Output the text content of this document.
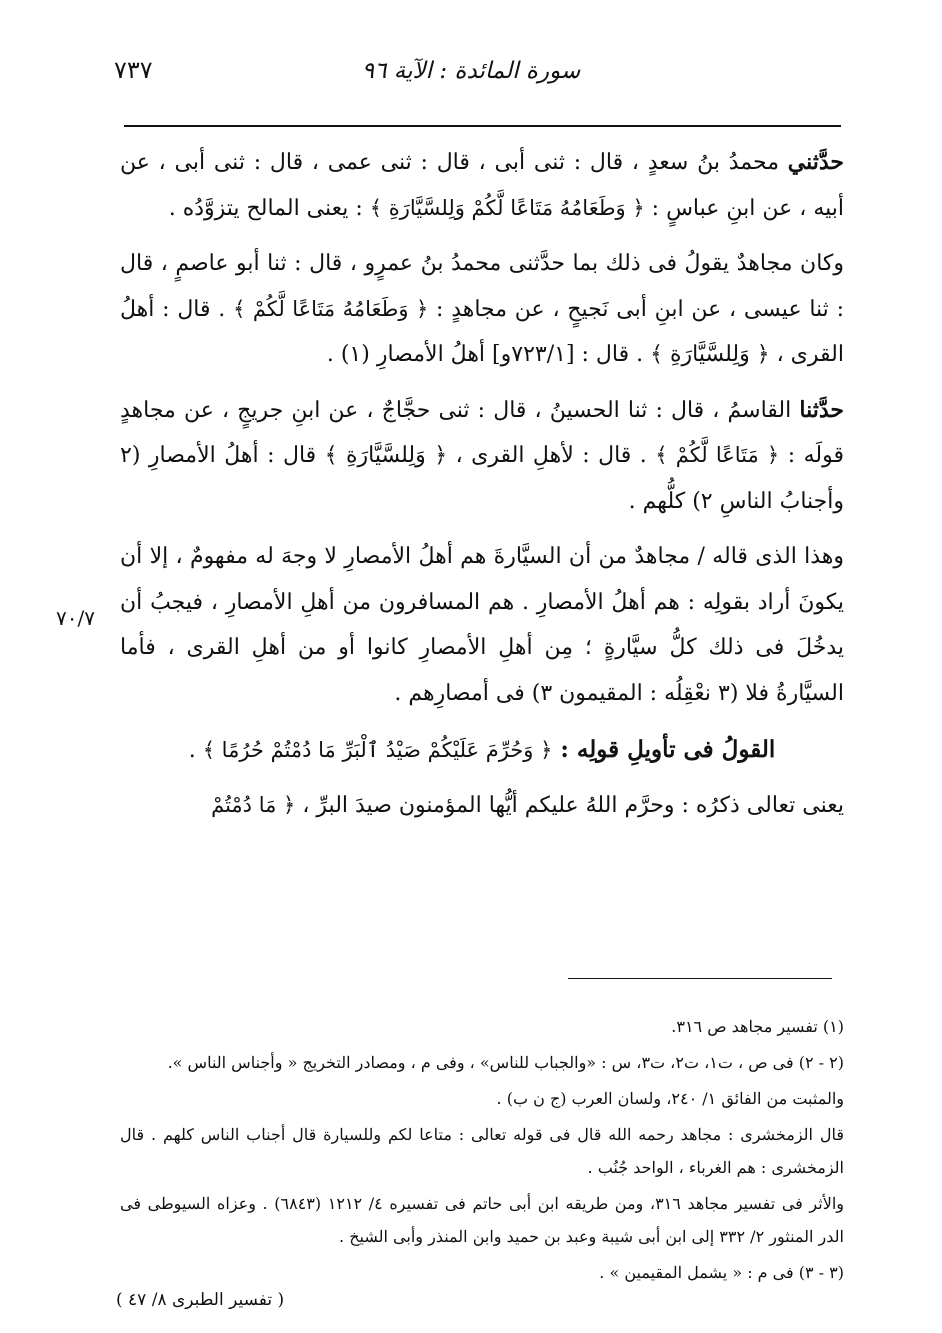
٧٣٧	سورة المائدة : الآية ٩٦
٧٠/٧

حدَّثني محمدُ بنُ سعدٍ ، قال : ثنى أبى ، قال : ثنى عمى ، قال : ثنى أبى ، عن أبيه ، عن ابنِ عباسٍ : ﴿ وَطَعَامُهُ مَتَاعًا لَّكُمْ وَلِلسَّيَّارَةِ ﴾ : يعنى المالح يتزوَّدُه .

وكان مجاهدٌ يقولُ فى ذلك بما حدَّثنى محمدُ بنُ عمرٍو ، قال : ثنا أبو عاصمٍ ، قال : ثنا عيسى ، عن ابنِ أبى نَجيحٍ ، عن مجاهدٍ : ﴿ وَطَعَامُهُ مَتَاعًا لَّكُمْ ﴾ . قال : أهلُ القرى ، ﴿ وَلِلسَّيَّارَةِ ﴾ . قال : [٧٢٣/١و] أهلُ الأمصارِ (١) .

حدَّثنا القاسمُ ، قال : ثنا الحسينُ ، قال : ثنى حجَّاجٌ ، عن ابنِ جريجٍ ، عن مجاهدٍ قولَه : ﴿ مَتَاعًا لَّكُمْ ﴾ . قال : لأهلِ القرى ، ﴿ وَلِلسَّيَّارَةِ ﴾ قال : أهلُ الأمصارِ (٢ وأجنابُ الناسِ ٢) كلُّهم .

وهذا الذى قاله / مجاهدٌ من أن السيَّارةَ هم أهلُ الأمصارِ لا وجهَ له مفهومٌ ، إلا أن يكونَ أراد بقولِه : هم أهلُ الأمصارِ . هم المسافرون من أهلِ الأمصارِ ، فيجبُ أن يدخُلَ فى ذلك كلُّ سيَّارةٍ ؛ مِن أهلِ الأمصارِ كانوا أو من أهلِ القرى ، فأما السيَّارةُ فلا (٣ نعْقِلُه : المقيمون ٣) فى أمصارِهم .

القولُ فى تأويلِ قولِه : ﴿ وَحُرِّمَ عَلَيْكُمْ صَيْدُ ٱلْبَرِّ مَا دُمْتُمْ حُرُمًا ﴾ .

يعنى تعالى ذكرُه : وحرَّم اللهُ عليكم أيُّها المؤمنون صيدَ البرِّ ، ﴿ مَا دُمْتُمْ

(١) تفسير مجاهد ص ٣١٦.

(٢ - ٢) فى ص ، ت١، ت٢، ت٣، س : «والجباب للناس» ، وفى م ، ومصادر التخريج « وأجناس الناس ».

والمثبت من الفائق ١/ ٢٤٠، ولسان العرب (ج ن ب) .

قال الزمخشرى : مجاهد رحمه الله قال فى قوله تعالى : متاعا لكم وللسيارة قال أجناب الناس كلهم . قال الزمخشرى : هم الغرباء ، الواحد جُنُب .

والأثر فى تفسير مجاهد ٣١٦، ومن طريقه ابن أبى حاتم فى تفسيره ٤/ ١٢١٢ (٦٨٤٣) . وعزاه السيوطى فى الدر المنثور ٢/ ٣٣٢ إلى ابن أبى شيبة وعبد بن حميد وابن المنذر وأبى الشيخ .

(٣ - ٣) فى م : « يشمل المقيمين » .

( تفسير الطبرى ٨/ ٤٧ )
